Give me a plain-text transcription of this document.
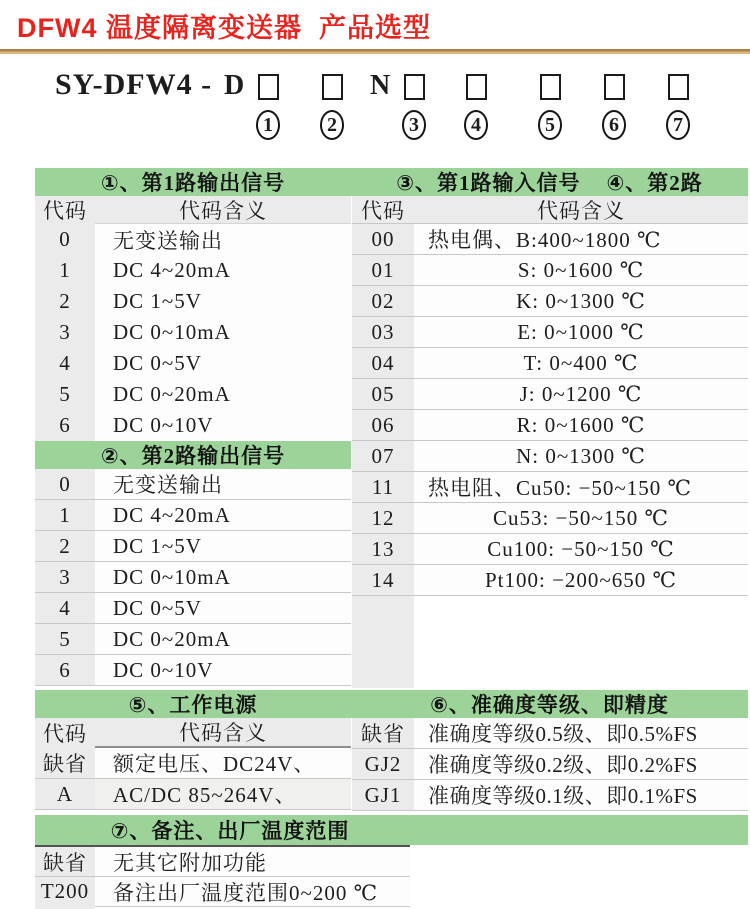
DFW4 温度隔离变送器  产品选型
SY-DFW4 - D	N
1	2	3	4	5	6	7
①、第1路输出信号	③、第1路输入信号 ④、第2路
代码	代码含义
0	无变送输出
1	DC 4~20mA
2	DC 1~5V
3	DC 0~10mA
4	DC 0~5V
5	DC 0~20mA
6	DC 0~10V
②、第2路输出信号
0	无变送输出
1	DC 4~20mA
2	DC 1~5V
3	DC 0~10mA
4	DC 0~5V
5	DC 0~20mA
6	DC 0~10V
代码	代码含义
00	热电偶、B:400~1800 ℃
01	S: 0~1600 ℃
02	K: 0~1300 ℃
03	E: 0~1000 ℃
04	T: 0~400 ℃
05	J: 0~1200 ℃
06	R: 0~1600 ℃
07	N: 0~1300 ℃
11	热电阻、Cu50: −50~150 ℃
12	Cu53: −50~150 ℃
13	Cu100: −50~150 ℃
14	Pt100: −200~650 ℃
⑤、工作电源	⑥、准确度等级、即精度
代码	代码含义
缺省	额定电压、DC24V、
A	AC/DC 85~264V、
缺省	准确度等级0.5级、即0.5%FS
GJ2	准确度等级0.2级、即0.2%FS
GJ1	准确度等级0.1级、即0.1%FS
⑦、备注、出厂温度范围
缺省	无其它附加功能
T200	备注出厂温度范围0~200 ℃
